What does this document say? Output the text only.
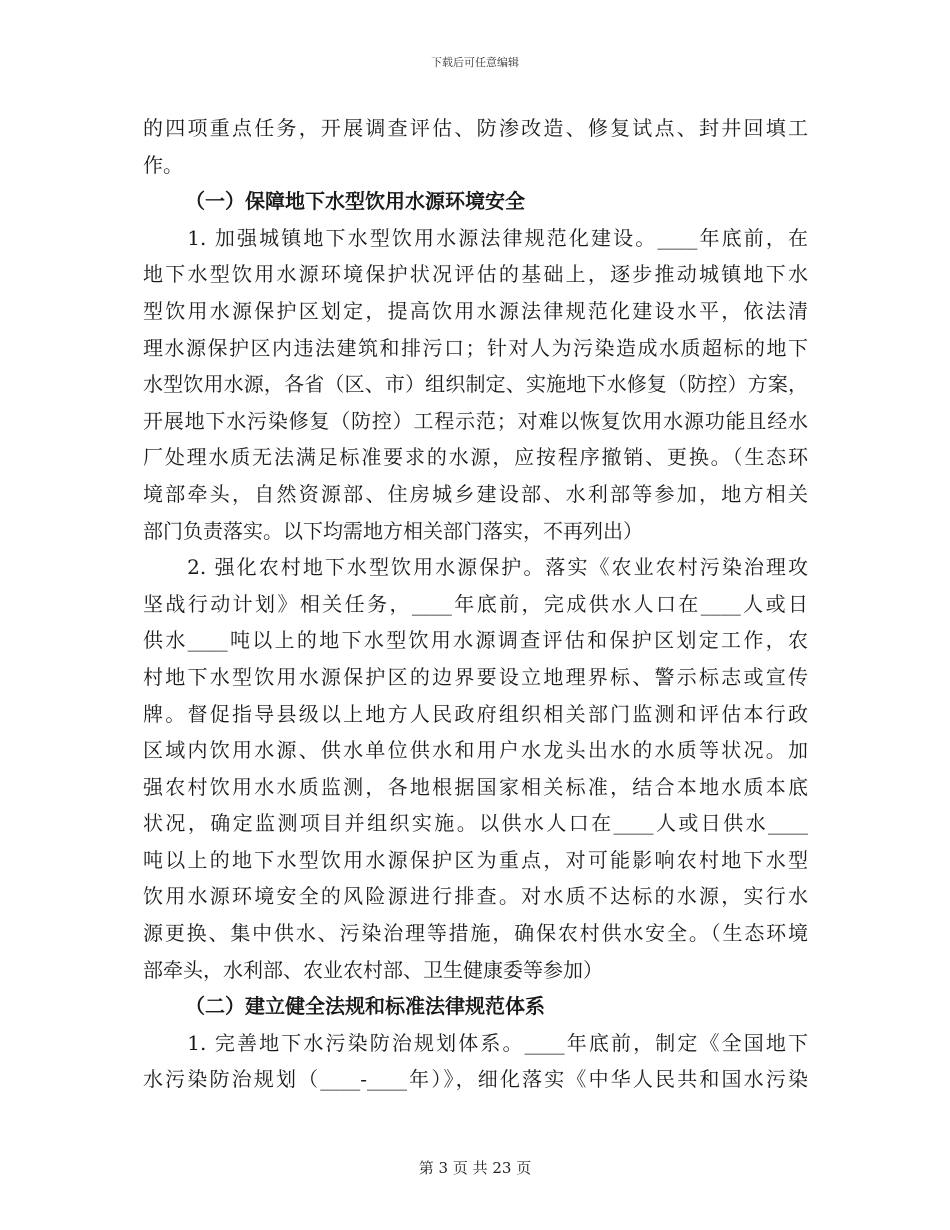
下载后可任意编辑
的四项重点任务，开展调查评估、防渗改造、修复试点、封井回填工
作。
（一）保障地下水型饮用水源环境安全
　　1. 加强城镇地下水型饮用水源法律规范化建设。____年底前，在
地下水型饮用水源环境保护状况评估的基础上，逐步推动城镇地下水
型饮用水源保护区划定，提高饮用水源法律规范化建设水平，依法清
理水源保护区内违法建筑和排污口；针对人为污染造成水质超标的地下
水型饮用水源，各省（区、市）组织制定、实施地下水修复（防控）方案，
开展地下水污染修复（防控）工程示范；对难以恢复饮用水源功能且经水
厂处理水质无法满足标准要求的水源，应按程序撤销、更换。（生态环
境部牵头，自然资源部、住房城乡建设部、水利部等参加，地方相关
部门负责落实。以下均需地方相关部门落实，不再列出）
　　2. 强化农村地下水型饮用水源保护。落实《农业农村污染治理攻
坚战行动计划》相关任务，____年底前，完成供水人口在____人或日
供水____吨以上的地下水型饮用水源调查评估和保护区划定工作，农
村地下水型饮用水源保护区的边界要设立地理界标、警示标志或宣传
牌。督促指导县级以上地方人民政府组织相关部门监测和评估本行政
区域内饮用水源、供水单位供水和用户水龙头出水的水质等状况。加
强农村饮用水水质监测，各地根据国家相关标准，结合本地水质本底
状况，确定监测项目并组织实施。以供水人口在____人或日供水____
吨以上的地下水型饮用水源保护区为重点，对可能影响农村地下水型
饮用水源环境安全的风险源进行排查。对水质不达标的水源，实行水
源更换、集中供水、污染治理等措施，确保农村供水安全。（生态环境
部牵头，水利部、农业农村部、卫生健康委等参加）
（二）建立健全法规和标准法律规范体系
　　1. 完善地下水污染防治规划体系。____年底前，制定《全国地下
水污染防治规划（____-____年）》，细化落实《中华人民共和国水污染
第 3 页 共 23 页
